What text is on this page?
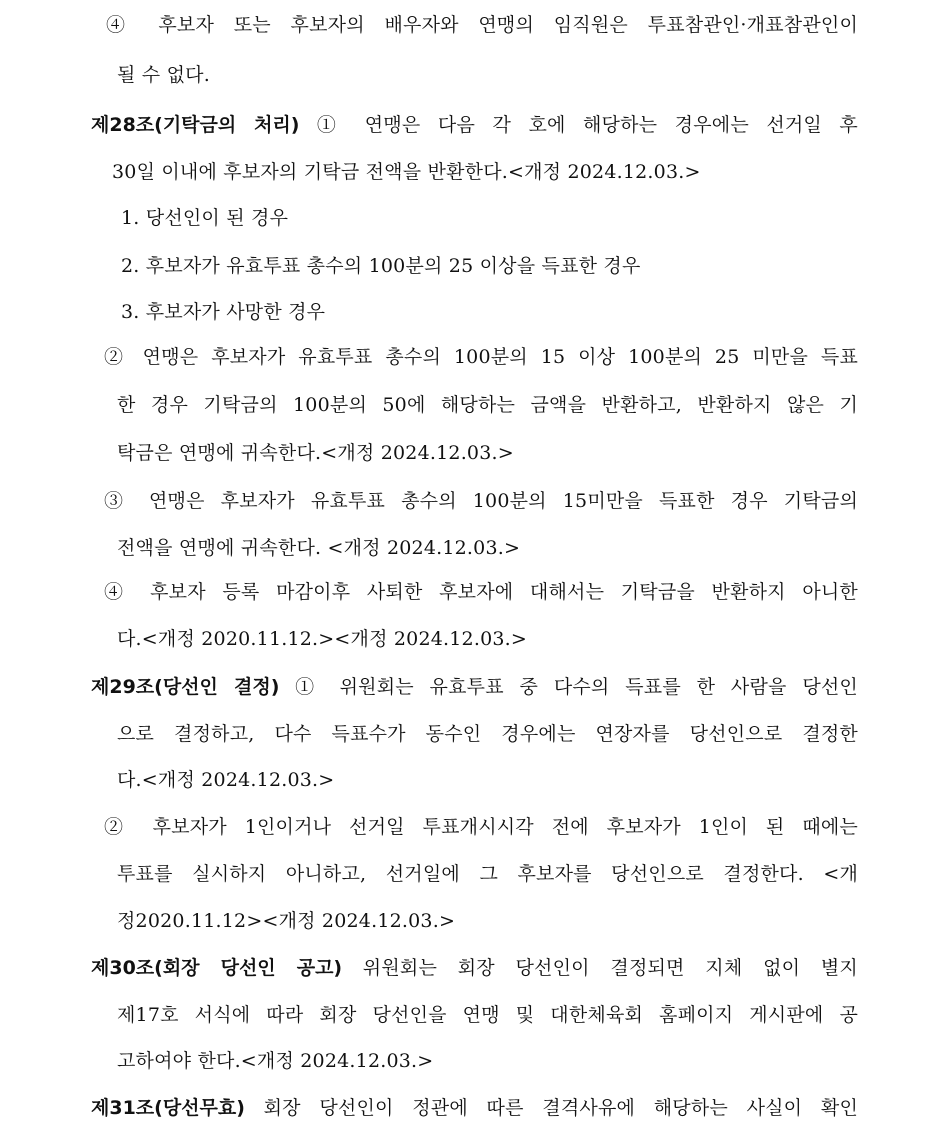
④ 후보자 또는 후보자의 배우자와 연맹의 임직원은 투표참관인·개표참관인이
될 수 없다.
제28조(기탁금의 처리) ① 연맹은 다음 각 호에 해당하는 경우에는 선거일 후
30일 이내에 후보자의 기탁금 전액을 반환한다.<개정 2024.12.03.>
1. 당선인이 된 경우
2. 후보자가 유효투표 총수의 100분의 25 이상을 득표한 경우
3. 후보자가 사망한 경우
② 연맹은 후보자가 유효투표 총수의 100분의 15 이상 100분의 25 미만을 득표
한 경우 기탁금의 100분의 50에 해당하는 금액을 반환하고, 반환하지 않은 기
탁금은 연맹에 귀속한다.<개정 2024.12.03.>
③ 연맹은 후보자가 유효투표 총수의 100분의 15미만을 득표한 경우 기탁금의
전액을 연맹에 귀속한다. <개정 2024.12.03.>
④ 후보자 등록 마감이후 사퇴한 후보자에 대해서는 기탁금을 반환하지 아니한
다.<개정 2020.11.12.><개정 2024.12.03.>
제29조(당선인 결정) ① 위원회는 유효투표 중 다수의 득표를 한 사람을 당선인
으로 결정하고, 다수 득표수가 동수인 경우에는 연장자를 당선인으로 결정한
다.<개정 2024.12.03.>
② 후보자가 1인이거나 선거일 투표개시시각 전에 후보자가 1인이 된 때에는
투표를 실시하지 아니하고, 선거일에 그 후보자를 당선인으로 결정한다. <개
정2020.11.12><개정 2024.12.03.>
제30조(회장 당선인 공고) 위원회는 회장 당선인이 결정되면 지체 없이 별지
제17호 서식에 따라 회장 당선인을 연맹 및 대한체육회 홈페이지 게시판에 공
고하여야 한다.<개정 2024.12.03.>
제31조(당선무효) 회장 당선인이 정관에 따른 결격사유에 해당하는 사실이 확인
